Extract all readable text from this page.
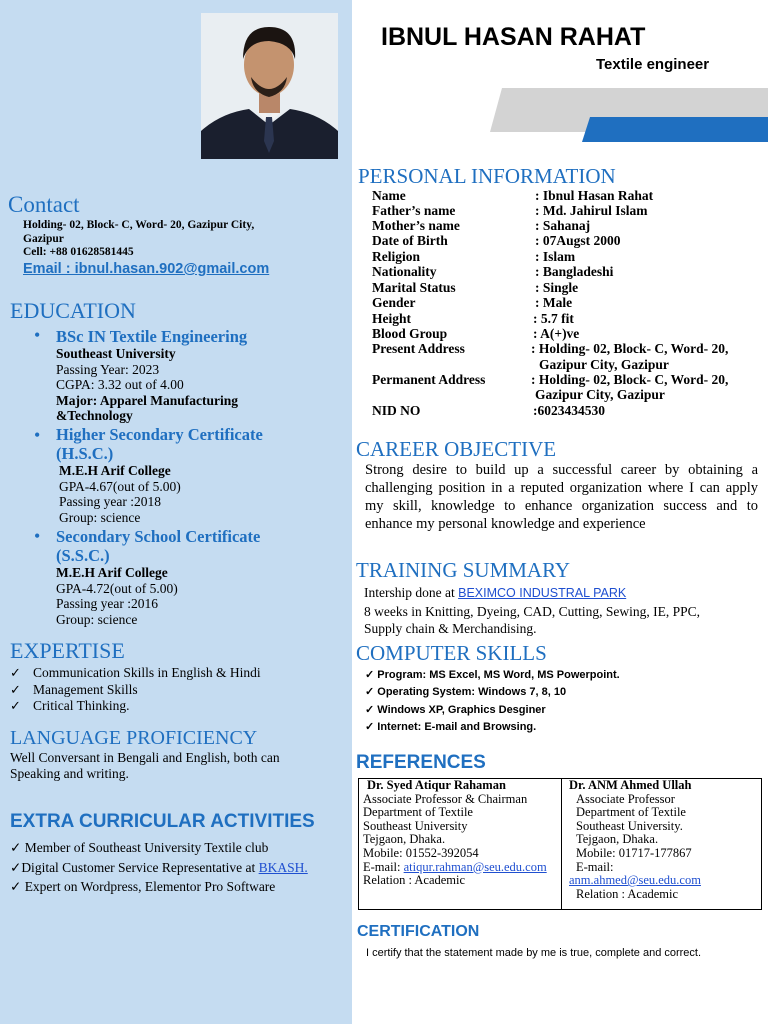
Contact
Holding- 02, Block- C, Word- 20, Gazipur City,
Gazipur
Cell: +88 01628581445
Email : ibnul.hasan.902@gmail.com
EDUCATION
• BSc IN Textile Engineering
Southeast University
Passing Year: 2023
CGPA: 3.32 out of 4.00
Major: Apparel Manufacturing
&Technology
• Higher Secondary Certificate
(H.S.C.)
M.E.H Arif College
GPA-4.67(out of 5.00)
Passing year :2018
Group: science
• Secondary School Certificate
(S.S.C.)
M.E.H Arif College
GPA-4.72(out of 5.00)
Passing year :2016
Group: science
EXPERTISE
✓ Communication Skills in English & Hindi
✓ Management Skills
✓ Critical Thinking.
LANGUAGE PROFICIENCY
Well Conversant in Bengali and English, both can
Speaking and writing.
EXTRA CURRICULAR ACTIVITIES
✓ Member of Southeast University Textile club
✓Digital Customer Service Representative at BKASH.
✓ Expert on Wordpress, Elementor Pro Software
IBNUL HASAN RAHAT
Textile engineer
PERSONAL INFORMATION
Name	: Ibnul Hasan Rahat
Father’s name	: Md. Jahirul Islam
Mother’s name	: Sahanaj
Date of Birth	: 07Augst 2000
Religion	: Islam
Nationality	: Bangladeshi
Marital Status	: Single
Gender	: Male
Height	: 5.7 fit
Blood Group	: A(+)ve
Present Address	: Holding- 02, Block- C, Word- 20,
Gazipur City, Gazipur
Permanent Address	: Holding- 02, Block- C, Word- 20,
Gazipur City, Gazipur
NID NO	:6023434530
CAREER OBJECTIVE
Strong desire to build up a successful career by obtaining a challenging position in a reputed organization where I can apply my skill, knowledge to enhance organization success and to enhance my personal knowledge and experience
TRAINING SUMMARY
Intership done at BEXIMCO INDUSTRAL PARK
8 weeks in Knitting, Dyeing, CAD, Cutting, Sewing, IE, PPC,
Supply chain & Merchandising.
COMPUTER SKILLS
✓ Program: MS Excel, MS Word, MS Powerpoint.
✓ Operating System: Windows 7, 8, 10
✓ Windows XP, Graphics Desginer
✓ Internet: E-mail and Browsing.
REFERENCES
Dr. Syed Atiqur Rahaman
Associate Professor & Chairman
Department of Textile
Southeast University
Tejgaon, Dhaka.
Mobile: 01552-392054
E-mail: atiqur.rahman@seu.edu.com
Relation : Academic
Dr. ANM Ahmed Ullah
Associate Professor
Department of Textile
Southeast University.
Tejgaon, Dhaka.
Mobile: 01717-177867
E-mail:
anm.ahmed@seu.edu.com
Relation : Academic
CERTIFICATION
I certify that the statement made by me is true, complete and correct.
